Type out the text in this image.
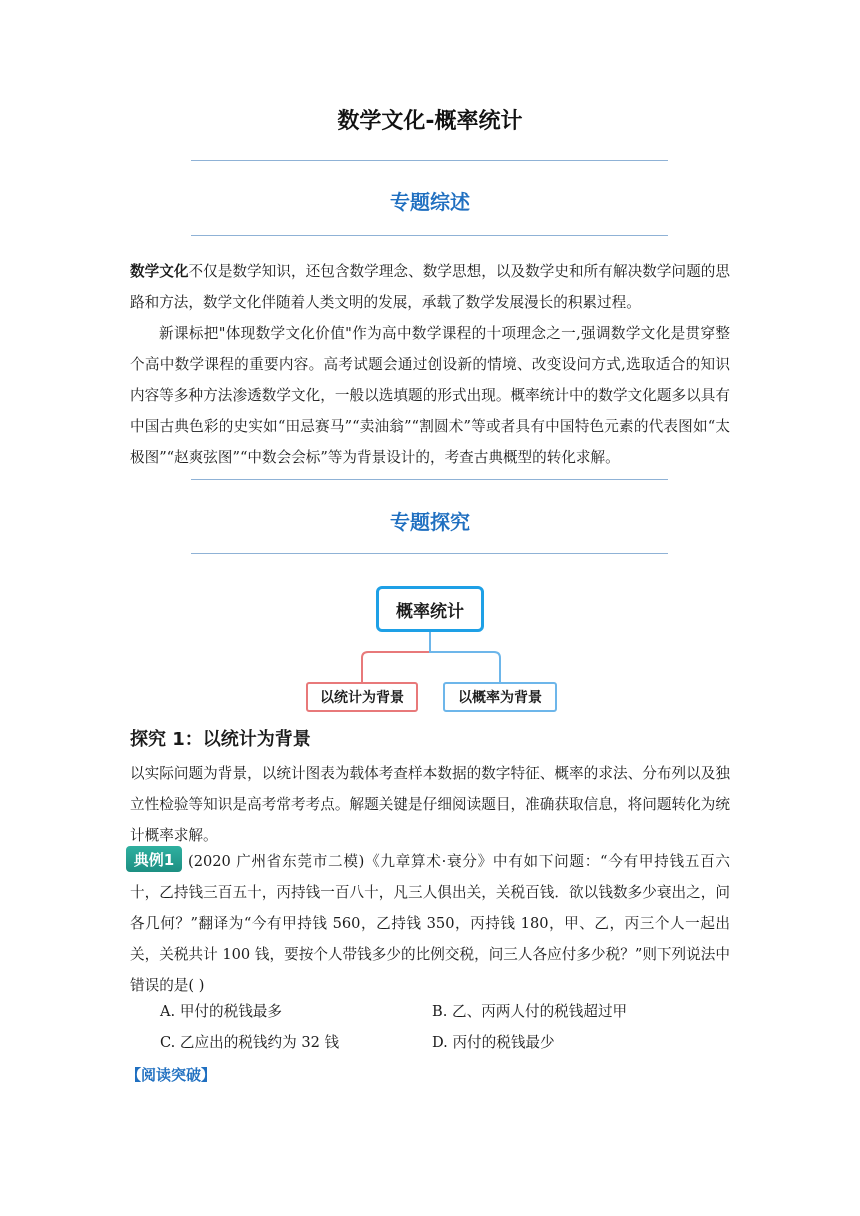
数学文化-概率统计
专题综述
数学文化不仅是数学知识，还包含数学理念、数学思想，以及数学史和所有解决数学问题的思路和方法，数学文化伴随着人类文明的发展，承载了数学发展漫长的积累过程。
新课标把"体现数学文化价值"作为高中数学课程的十项理念之一,强调数学文化是贯穿整个高中数学课程的重要内容。高考试题会通过创设新的情境、改变设问方式,选取适合的知识内容等多种方法渗透数学文化，一般以选填题的形式出现。概率统计中的数学文化题多以具有中国古典色彩的史实如“田忌赛马”“卖油翁”“割圆术”等或者具有中国特色元素的代表图如“太极图”“赵爽弦图”“中数会会标”等为背景设计的，考查古典概型的转化求解。
专题探究
概率统计
以统计为背景	以概率为背景
探究 1：以统计为背景
以实际问题为背景，以统计图表为载体考查样本数据的数字特征、概率的求法、分布列以及独立性检验等知识是高考常考考点。解题关键是仔细阅读题目，准确获取信息，将问题转化为统计概率求解。
典例1 (2020 广州省东莞市二模)《九章算术·衰分》中有如下问题：“今有甲持钱五百六十，乙持钱三百五十，丙持钱一百八十，凡三人俱出关，关税百钱．欲以钱数多少衰出之，问各几何？”翻译为“今有甲持钱 560，乙持钱 350，丙持钱 180，甲、乙，丙三个人一起出关，关税共计 100 钱，要按个人带钱多少的比例交税，问三人各应付多少税？”则下列说法中错误的是( )
A. 甲付的税钱最多	B. 乙、丙两人付的税钱超过甲
C. 乙应出的税钱约为 32 钱	D. 丙付的税钱最少
【阅读突破】
